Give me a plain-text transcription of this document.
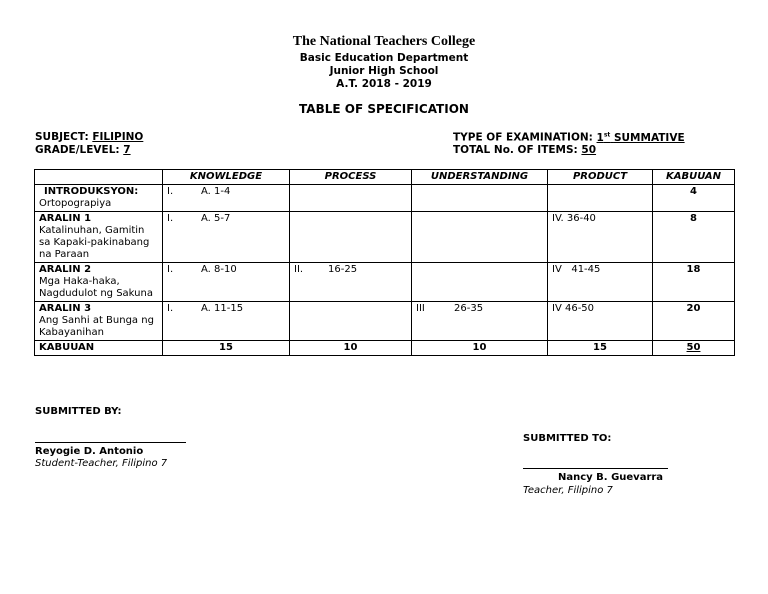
The National Teachers College
Basic Education Department
Junior High School
A.T. 2018 - 2019
TABLE OF SPECIFICATION
SUBJECT: FILIPINO
GRADE/LEVEL: 7
TYPE OF EXAMINATION: 1st SUMMATIVE
TOTAL No. OF ITEMS: 50
	KNOWLEDGE	PROCESS	UNDERSTANDING	PRODUCT	KABUUAN

INTRODUKSYON:
Ortopograpiya	I. A. 1-4				4

ARALIN 1
Katalinuhan, Gamitin sa Kapaki-pakinabang na Paraan	I. A. 5-7			IV. 36-40	8

ARALIN 2
Mga Haka-haka, Nagdudulot ng Sakuna	I. A. 8-10	II. 16-25		IV   41-45	18

ARALIN 3
Ang Sanhi at Bunga ng Kabayanihan	I. A. 11-15		III 26-35	IV 46-50	20
KABUUAN	15	10	10	15	50
SUBMITTED BY:
Reyogie D. Antonio
Student-Teacher, Filipino 7
SUBMITTED TO:
Nancy B. Guevarra
Teacher, Filipino 7
